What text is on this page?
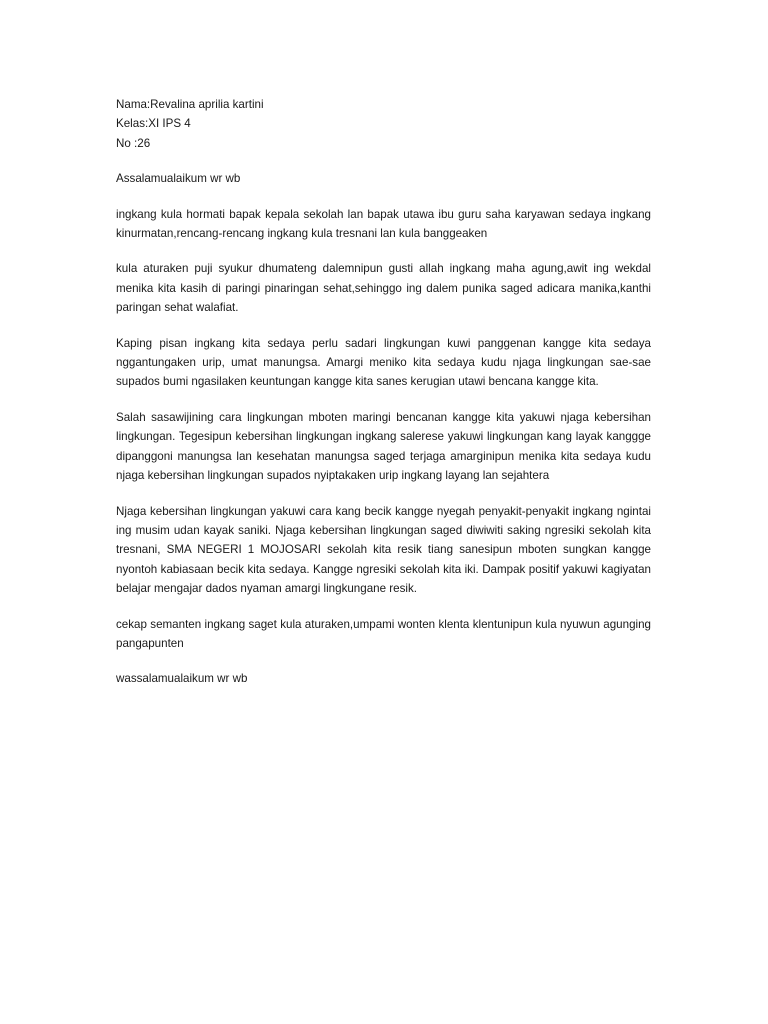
Nama:Revalina aprilia kartini

Kelas:XI IPS 4

No :26

Assalamualaikum wr wb

ingkang kula hormati bapak kepala sekolah lan bapak utawa ibu guru saha karyawan sedaya ingkang kinurmatan,rencang-rencang ingkang kula tresnani lan kula banggeaken

kula aturaken puji syukur dhumateng dalemnipun gusti allah ingkang maha agung,awit ing wekdal menika kita kasih di paringi pinaringan sehat,sehinggo ing dalem punika saged adicara manika,kanthi paringan sehat walafiat.

Kaping pisan ingkang kita sedaya perlu sadari lingkungan kuwi panggenan kangge kita sedaya nggantungaken urip, umat manungsa. Amargi meniko kita sedaya kudu njaga lingkungan sae-sae supados bumi ngasilaken keuntungan kangge kita sanes kerugian utawi bencana kangge kita.

Salah sasawijining cara lingkungan mboten maringi bencanan kangge kita yakuwi njaga kebersihan lingkungan. Tegesipun kebersihan lingkungan ingkang salerese yakuwi lingkungan kang layak kanggge dipanggoni manungsa lan kesehatan manungsa saged terjaga amarginipun menika kita sedaya kudu njaga kebersihan lingkungan supados nyiptakaken urip ingkang layang lan sejahtera

Njaga kebersihan lingkungan yakuwi cara kang becik kangge nyegah penyakit-penyakit ingkang ngintai ing musim udan kayak saniki. Njaga kebersihan lingkungan saged diwiwiti saking ngresiki sekolah kita tresnani, SMA NEGERI 1 MOJOSARI sekolah kita resik tiang sanesipun mboten sungkan kangge nyontoh kabiasaan becik kita sedaya. Kangge ngresiki sekolah kita iki. Dampak positif yakuwi kagiyatan belajar mengajar dados nyaman amargi lingkungane resik.

cekap semanten ingkang saget kula aturaken,umpami wonten klenta klentunipun kula nyuwun agunging pangapunten

wassalamualaikum wr wb
